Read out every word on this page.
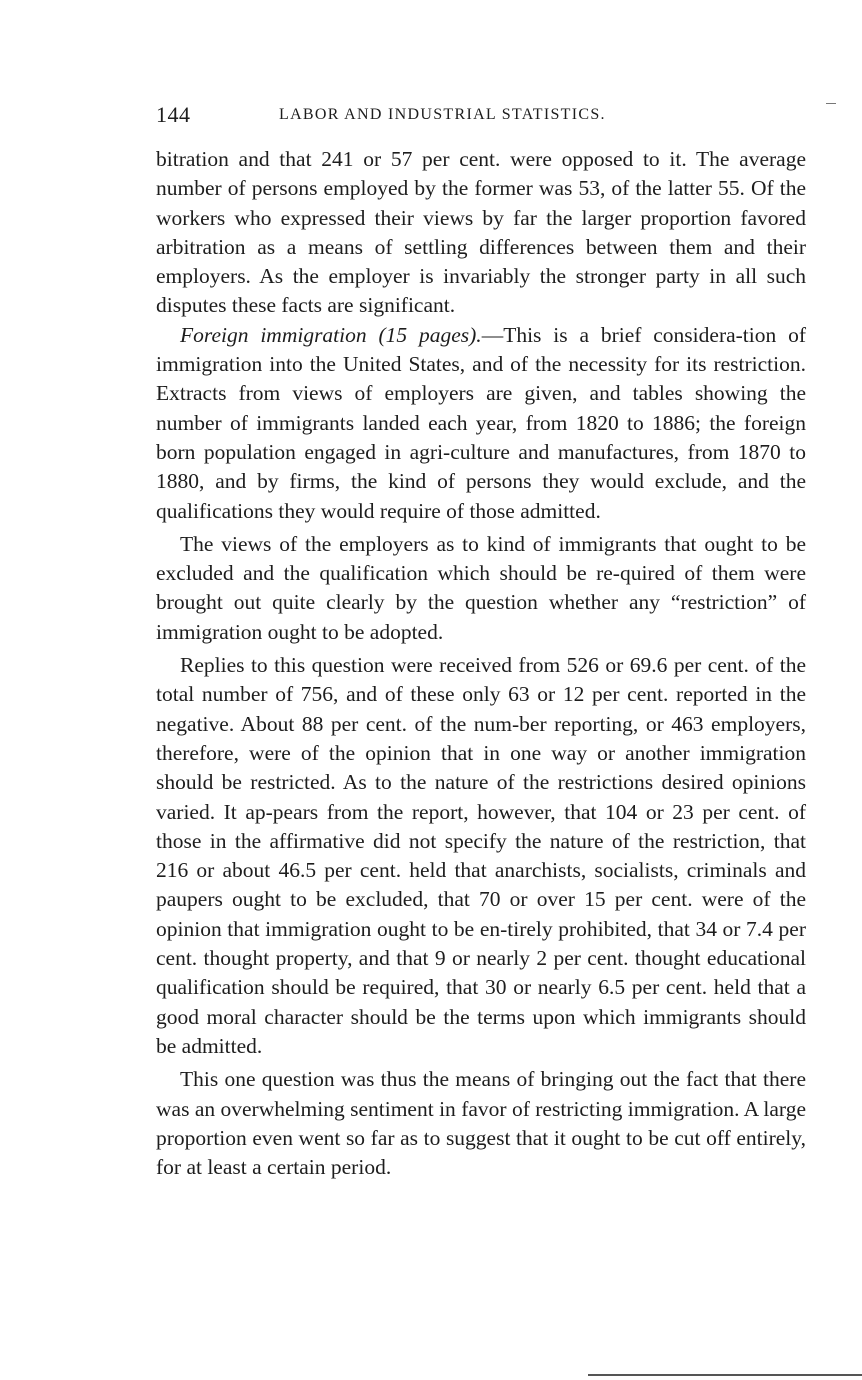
144	LABOR AND INDUSTRIAL STATISTICS.

bitration and that 241 or 57 per cent. were opposed to it. The average number of persons employed by the former was 53, of the latter 55. Of the workers who expressed their views by far the larger proportion favored arbitration as a means of settling differences between them and their employers. As the employer is invariably the stronger party in all such disputes these facts are significant.

Foreign immigration (15 pages).—This is a brief considera-tion of immigration into the United States, and of the necessity for its restriction. Extracts from views of employers are given, and tables showing the number of immigrants landed each year, from 1820 to 1886; the foreign born population engaged in agri-culture and manufactures, from 1870 to 1880, and by firms, the kind of persons they would exclude, and the qualifications they would require of those admitted.

The views of the employers as to kind of immigrants that ought to be excluded and the qualification which should be re-quired of them were brought out quite clearly by the question whether any “restriction” of immigration ought to be adopted.

Replies to this question were received from 526 or 69.6 per cent. of the total number of 756, and of these only 63 or 12 per cent. reported in the negative. About 88 per cent. of the num-ber reporting, or 463 employers, therefore, were of the opinion that in one way or another immigration should be restricted. As to the nature of the restrictions desired opinions varied. It ap-pears from the report, however, that 104 or 23 per cent. of those in the affirmative did not specify the nature of the restriction, that 216 or about 46.5 per cent. held that anarchists, socialists, criminals and paupers ought to be excluded, that 70 or over 15 per cent. were of the opinion that immigration ought to be en-tirely prohibited, that 34 or 7.4 per cent. thought property, and that 9 or nearly 2 per cent. thought educational qualification should be required, that 30 or nearly 6.5 per cent. held that a good moral character should be the terms upon which immigrants should be admitted.

This one question was thus the means of bringing out the fact that there was an overwhelming sentiment in favor of restricting immigration. A large proportion even went so far as to suggest that it ought to be cut off entirely, for at least a certain period.
